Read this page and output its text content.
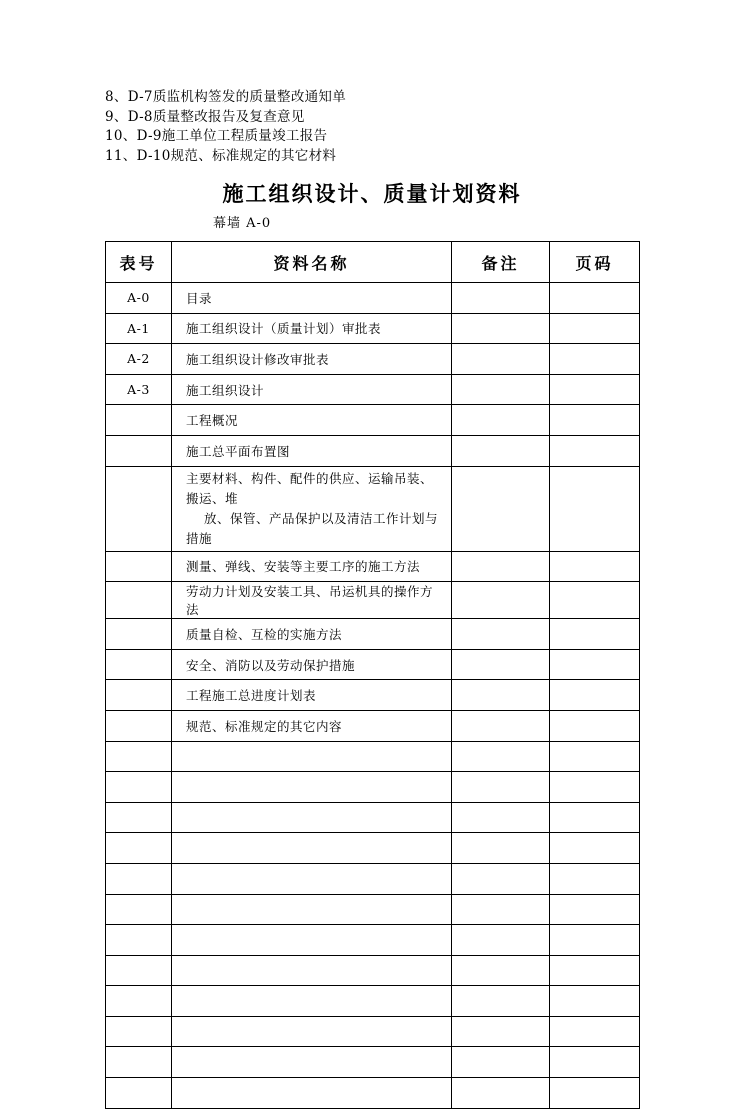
8、D-7质监机构签发的质量整改通知单
9、D-8质量整改报告及复查意见
10、D-9施工单位工程质量竣工报告
11、D-10规范、标准规定的其它材料
施工组织设计、质量计划资料
幕墙 A-0
表号	资料名称	备注	页码
A-0	目录		
A-1	施工组织设计（质量计划）审批表		
A-2	施工组织设计修改审批表		
A-3	施工组织设计		
	工程概况		
	施工总平面布置图		
	主要材料、构件、配件的供应、运输吊装、搬运、堆
放、保管、产品保护以及清洁工作计划与措施		

	测量、弹线、安装等主要工序的施工方法		
	劳动力计划及安装工具、吊运机具的操作方法		
	质量自检、互检的实施方法		
	安全、消防以及劳动保护措施		
	工程施工总进度计划表		
	规范、标准规定的其它内容		
